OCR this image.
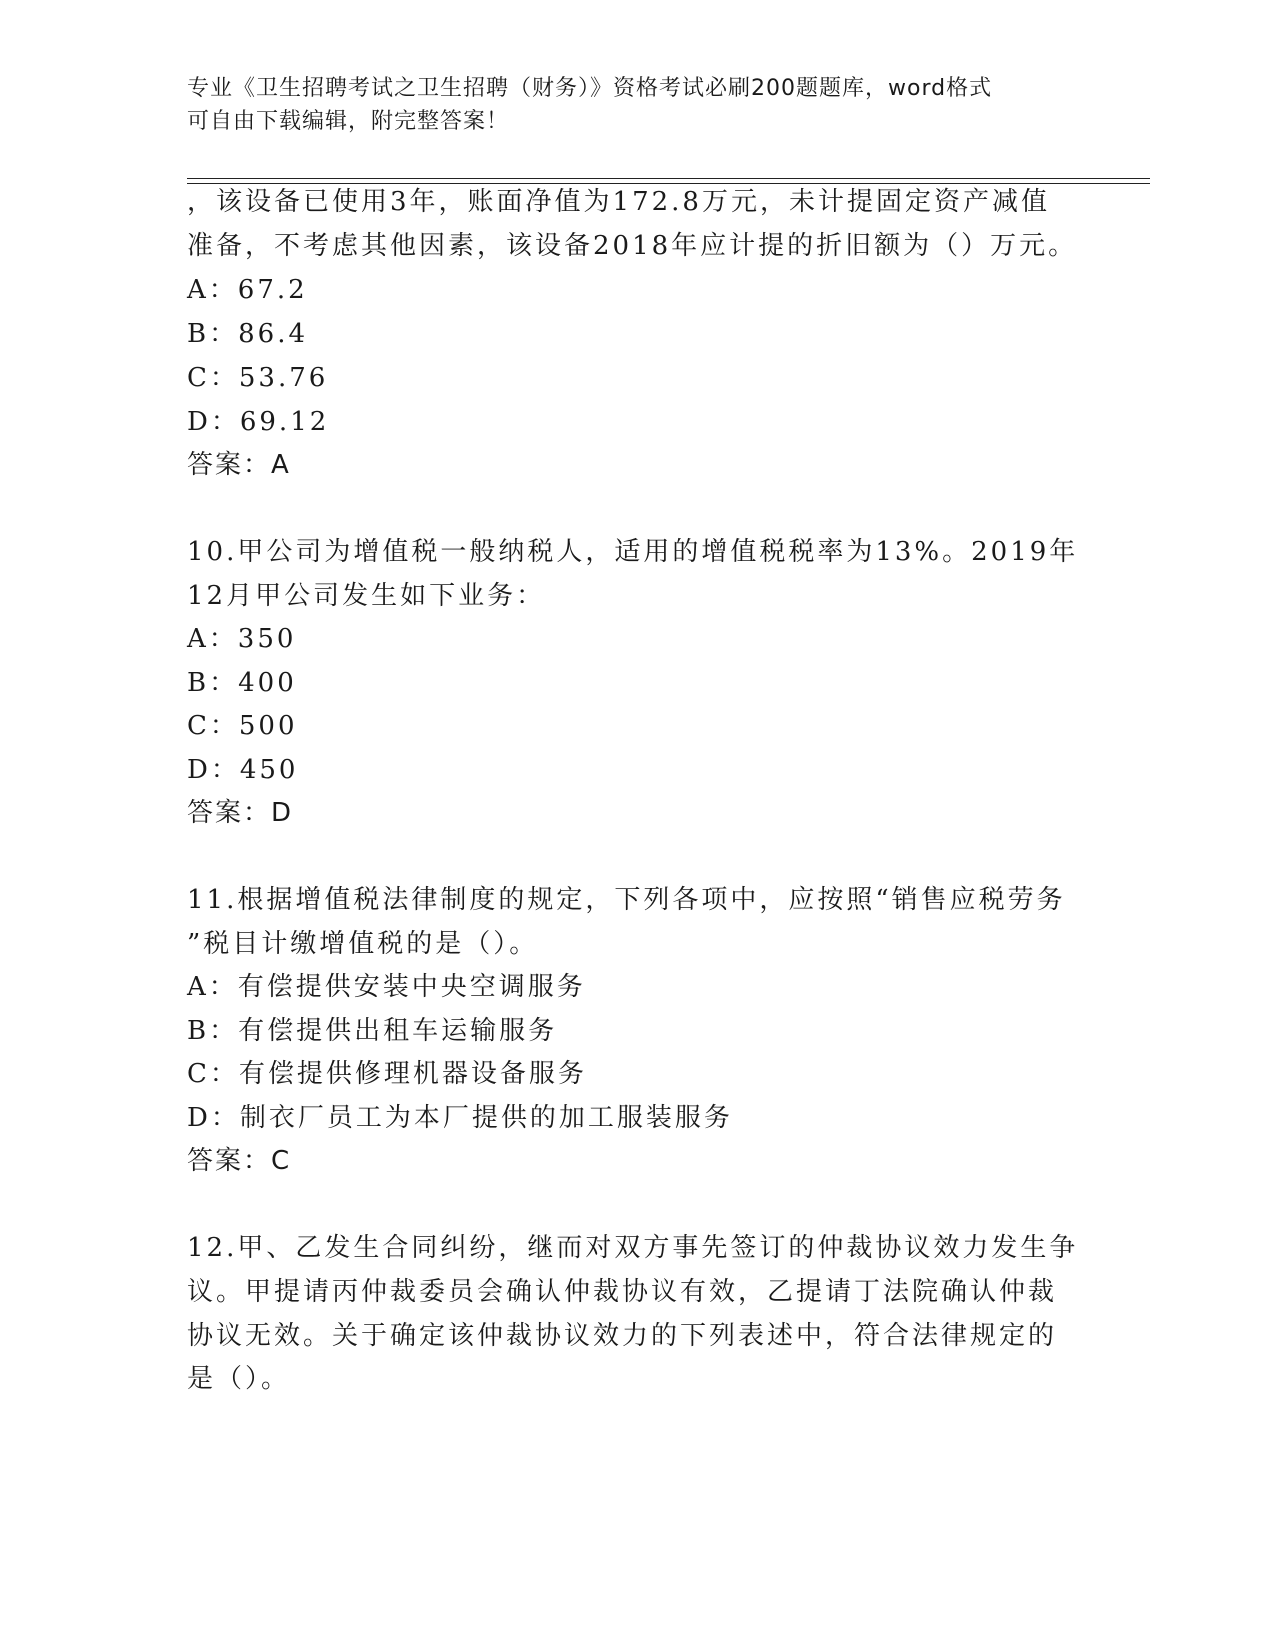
专业《卫生招聘考试之卫生招聘（财务）》资格考试必刷200题题库，word格式
可自由下载编辑，附完整答案！
，该设备已使用3年，账面净值为172.8万元，未计提固定资产减值
准备，不考虑其他因素，该设备2018年应计提的折旧额为（）万元。
A：67.2
B：86.4
C：53.76
D：69.12
答案：A
10.甲公司为增值税一般纳税人，适用的增值税税率为13%。2019年
12月甲公司发生如下业务：
A：350
B：400
C：500
D：450
答案：D
11.根据增值税法律制度的规定，下列各项中，应按照“销售应税劳务
”税目计缴增值税的是（）。
A：有偿提供安装中央空调服务
B：有偿提供出租车运输服务
C：有偿提供修理机器设备服务
D：制衣厂员工为本厂提供的加工服装服务
答案：C
12.甲、乙发生合同纠纷，继而对双方事先签订的仲裁协议效力发生争
议。甲提请丙仲裁委员会确认仲裁协议有效，乙提请丁法院确认仲裁
协议无效。关于确定该仲裁协议效力的下列表述中，符合法律规定的
是（）。
